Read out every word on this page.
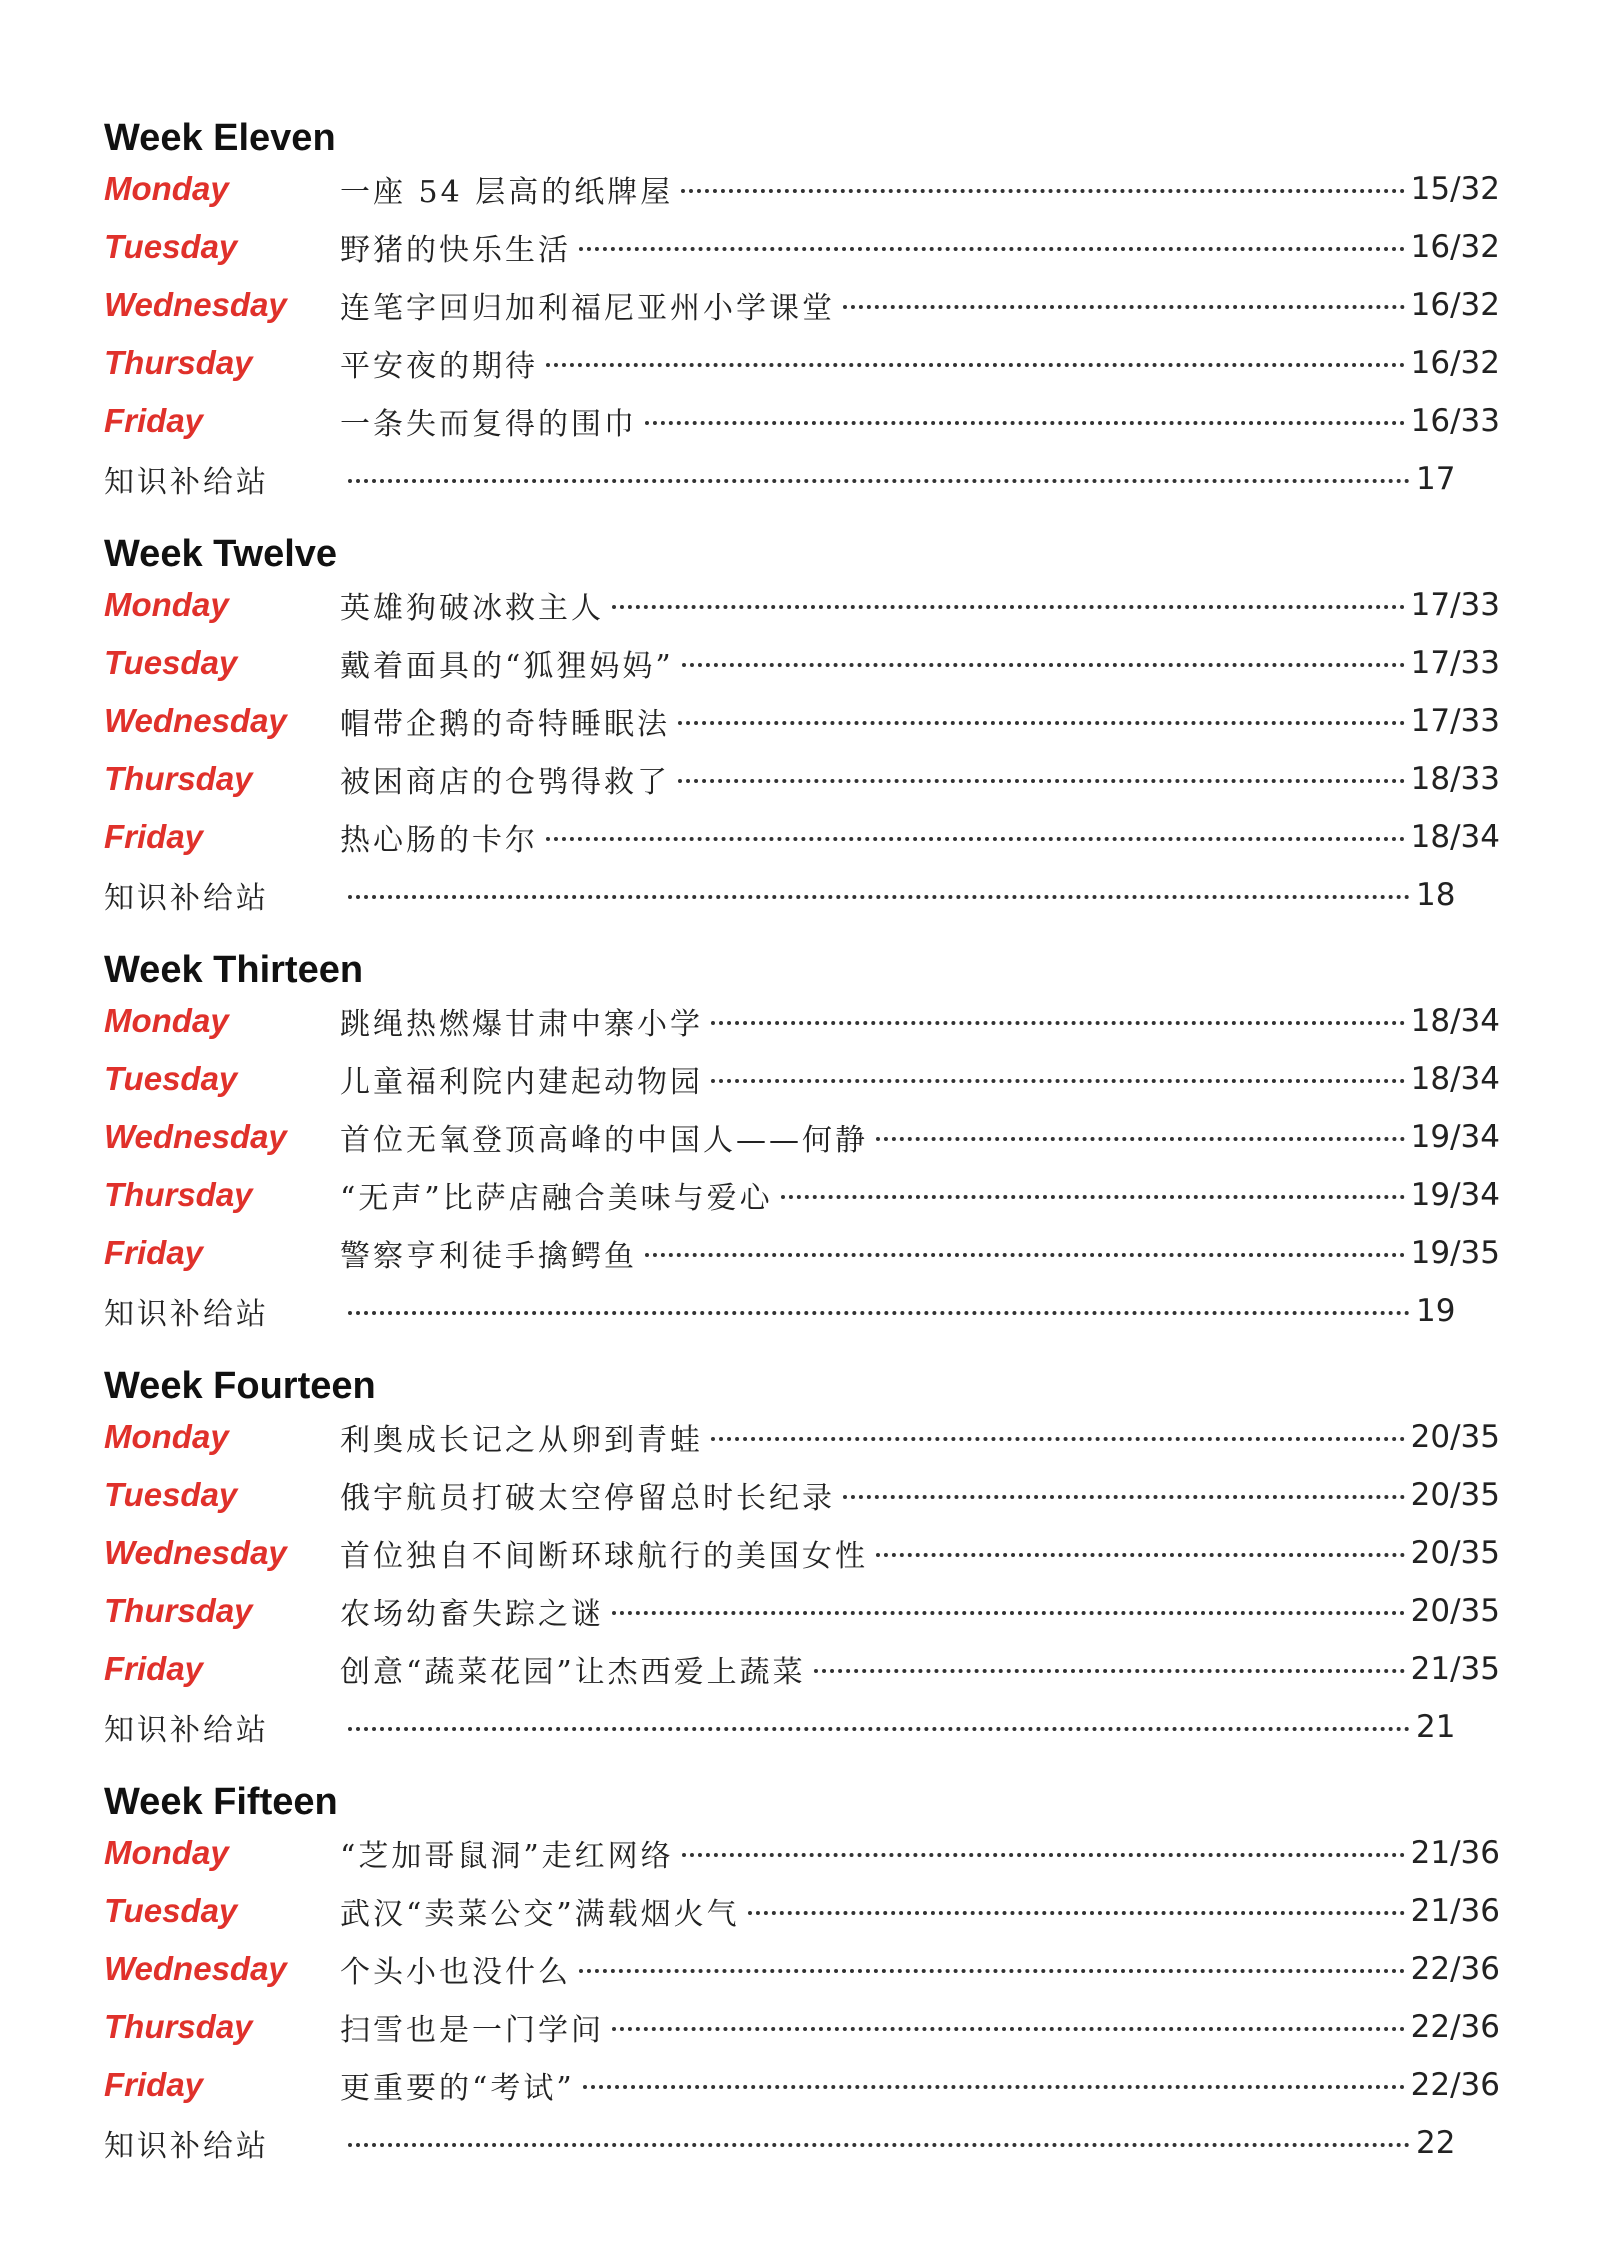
Week Eleven
Monday	一座 54 层高的纸牌屋	15/32
Tuesday	野猪的快乐生活	16/32
Wednesday	连笔字回归加利福尼亚州小学课堂	16/32
Thursday	平安夜的期待	16/32
Friday	一条失而复得的围巾	16/33
知识补给站	17
Week Twelve
Monday	英雄狗破冰救主人	17/33
Tuesday	戴着面具的“狐狸妈妈”	17/33
Wednesday	帽带企鹅的奇特睡眠法	17/33
Thursday	被困商店的仓鸮得救了	18/33
Friday	热心肠的卡尔	18/34
知识补给站	18
Week Thirteen
Monday	跳绳热燃爆甘肃中寨小学	18/34
Tuesday	儿童福利院内建起动物园	18/34
Wednesday	首位无氧登顶高峰的中国人——何静	19/34
Thursday	“无声”比萨店融合美味与爱心	19/34
Friday	警察亨利徒手擒鳄鱼	19/35
知识补给站	19
Week Fourteen
Monday	利奥成长记之从卵到青蛙	20/35
Tuesday	俄宇航员打破太空停留总时长纪录	20/35
Wednesday	首位独自不间断环球航行的美国女性	20/35
Thursday	农场幼畜失踪之谜	20/35
Friday	创意“蔬菜花园”让杰西爱上蔬菜	21/35
知识补给站	21
Week Fifteen
Monday	“芝加哥鼠洞”走红网络	21/36
Tuesday	武汉“卖菜公交”满载烟火气	21/36
Wednesday	个头小也没什么	22/36
Thursday	扫雪也是一门学问	22/36
Friday	更重要的“考试”	22/36
知识补给站	22
